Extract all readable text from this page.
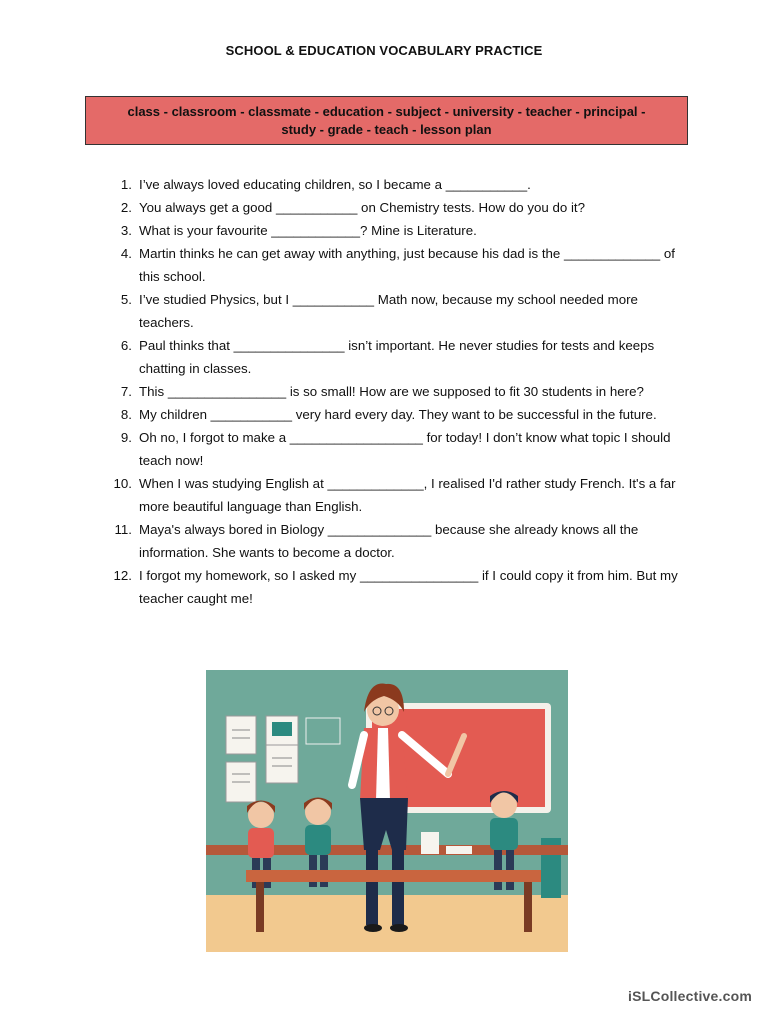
SCHOOL & EDUCATION VOCABULARY PRACTICE
class - classroom - classmate - education - subject - university - teacher - principal -
study - grade - teach - lesson plan
1. I’ve always loved educating children, so I became a ___________.
2. You always get a good ___________ on Chemistry tests. How do you do it?
3. What is your favourite ____________? Mine is Literature.
4. Martin thinks he can get away with anything, just because his dad is the _____________ of this school.
5. I’ve studied Physics, but I ___________ Math now, because my school needed more teachers.
6. Paul thinks that _______________ isn’t important. He never studies for tests and keeps chatting in classes.
7. This ________________ is so small! How are we supposed to fit 30 students in here?
8. My children ___________ very hard every day. They want to be successful in the future.
9. Oh no, I forgot to make a __________________ for today! I don’t know what topic I should teach now!
10. When I was studying English at _____________, I realised I'd rather study French. It's a far more beautiful language than English.
11. Maya's always bored in Biology ______________ because she already knows all the information. She wants to become a doctor.
12. I forgot my homework, so I asked my ________________ if I could copy it from him. But my teacher caught me!
iSLCollective.com
